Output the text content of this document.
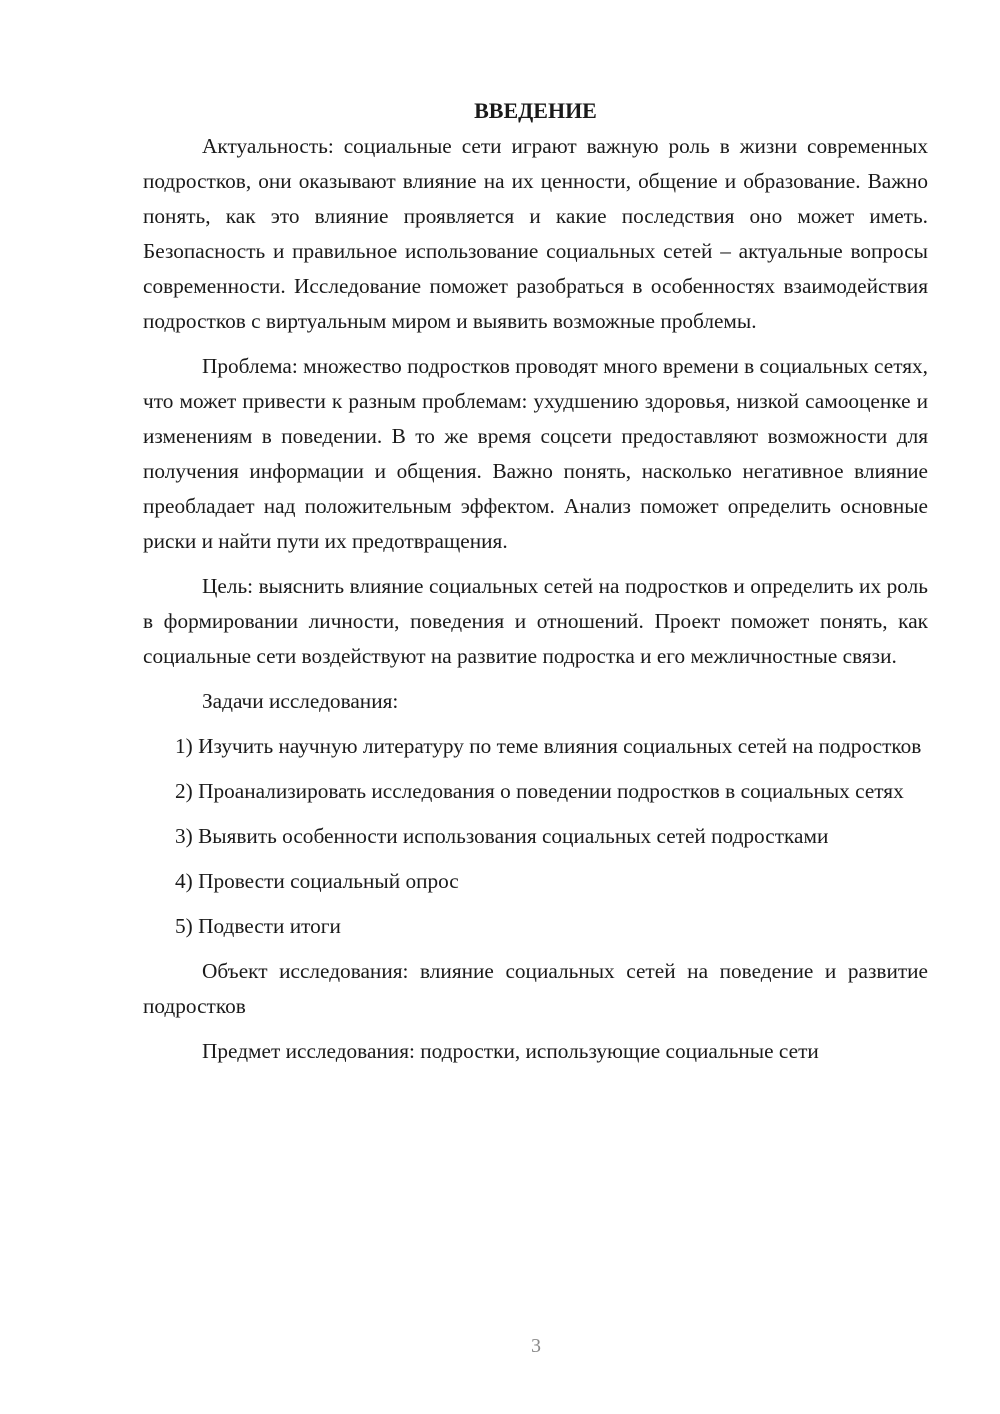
ВВЕДЕНИЕ

Актуальность: социальные сети играют важную роль в жизни современных подростков, они оказывают влияние на их ценности, общение и образование. Важно понять, как это влияние проявляется и какие последствия оно может иметь. Безопасность и правильное использование социальных сетей – актуальные вопросы современности. Исследование поможет разобраться в особенностях взаимодействия подростков с виртуальным миром и выявить возможные проблемы.

Проблема: множество подростков проводят много времени в социальных сетях, что может привести к разным проблемам: ухудшению здоровья, низкой самооценке и изменениям в поведении. В то же время соцсети предоставляют возможности для получения информации и общения. Важно понять, насколько негативное влияние преобладает над положительным эффектом. Анализ поможет определить основные риски и найти пути их предотвращения.

Цель: выяснить влияние социальных сетей на подростков и определить их роль в формировании личности, поведения и отношений. Проект поможет понять, как социальные сети воздействуют на развитие подростка и его межличностные связи.

Задачи исследования:

1) Изучить научную литературу по теме влияния социальных сетей на подростков

2) Проанализировать исследования о поведении подростков в социальных сетях

3) Выявить особенности использования социальных сетей подростками

4) Провести социальный опрос

5) Подвести итоги

Объект исследования: влияние социальных сетей на поведение и развитие подростков

Предмет исследования: подростки, использующие социальные сети

3
